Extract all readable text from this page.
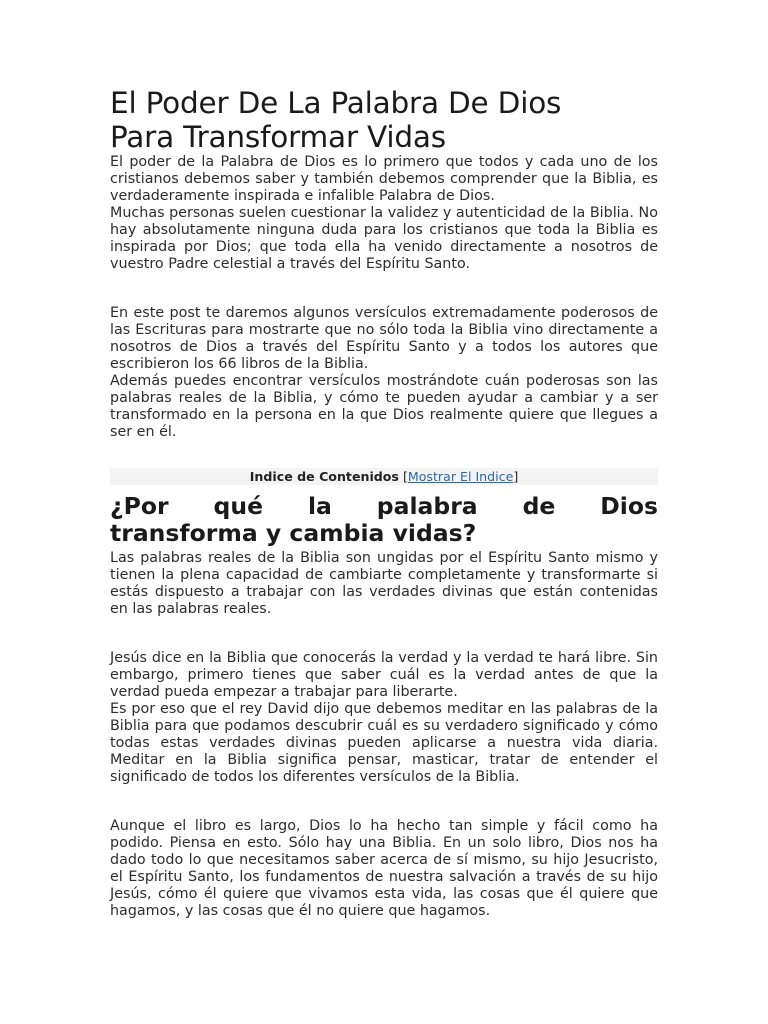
El Poder De La Palabra De Dios
Para Transformar Vidas

El poder de la Palabra de Dios es lo primero que todos y cada uno de los cristianos debemos saber y también debemos comprender que la Biblia, es verdaderamente inspirada e infalible Palabra de Dios.

Muchas personas suelen cuestionar la validez y autenticidad de la Biblia. No hay absolutamente ninguna duda para los cristianos que toda la Biblia es inspirada por Dios; que toda ella ha venido directamente a nosotros de vuestro Padre celestial a través del Espíritu Santo.

En este post te daremos algunos versículos extremadamente poderosos de las Escrituras para mostrarte que no sólo toda la Biblia vino directamente a nosotros de Dios a través del Espíritu Santo y a todos los autores que escribieron los 66 libros de la Biblia.

Además puedes encontrar versículos mostrándote cuán poderosas son las palabras reales de la Biblia, y cómo te pueden ayudar a cambiar y a ser transformado en la persona en la que Dios realmente quiere que llegues a ser en él.

Indice de Contenidos [Mostrar El Indice]
¿Por qué la palabra de Dios
transforma y cambia vidas?

Las palabras reales de la Biblia son ungidas por el Espíritu Santo mismo y tienen la plena capacidad de cambiarte completamente y transformarte si estás dispuesto a trabajar con las verdades divinas que están contenidas en las palabras reales.

Jesús dice en la Biblia que conocerás la verdad y la verdad te hará libre. Sin embargo, primero tienes que saber cuál es la verdad antes de que la verdad pueda empezar a trabajar para liberarte.

Es por eso que el rey David dijo que debemos meditar en las palabras de la Biblia para que podamos descubrir cuál es su verdadero significado y cómo todas estas verdades divinas pueden aplicarse a nuestra vida diaria. Meditar en la Biblia significa pensar, masticar, tratar de entender el significado de todos los diferentes versículos de la Biblia.

Aunque el libro es largo, Dios lo ha hecho tan simple y fácil como ha podido. Piensa en esto. Sólo hay una Biblia. En un solo libro, Dios nos ha dado todo lo que necesitamos saber acerca de sí mismo, su hijo Jesucristo, el Espíritu Santo, los fundamentos de nuestra salvación a través de su hijo Jesús, cómo él quiere que vivamos esta vida, las cosas que él quiere que hagamos, y las cosas que él no quiere que hagamos.
